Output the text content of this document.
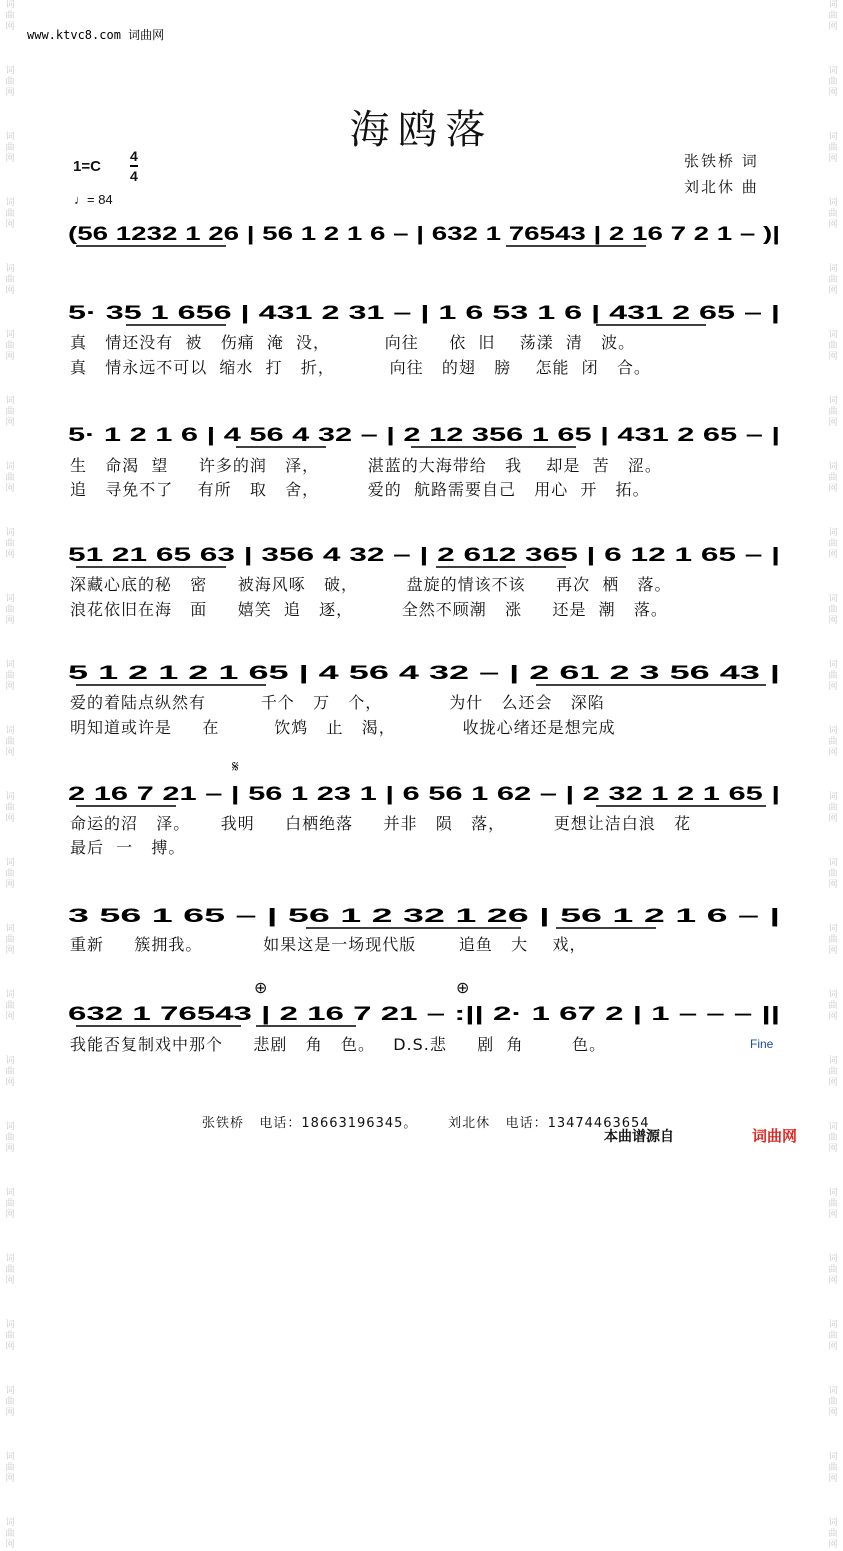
词
曲
网

词
曲
网

词
曲
网

词
曲
网

词
曲
网

词
曲
网

词
曲
网

词
曲
网

词
曲
网

词
曲
网

词
曲
网

词
曲
网

词
曲
网

词
曲
网

词
曲
网

词
曲
网

词
曲
网

词
曲
网

词
曲
网

词
曲
网

词
曲
网

词
曲
网

词
曲
网

词
曲
网

词
曲
网

词
曲
网

词
曲
网

词
曲
网

词
曲
网

词
曲
网

词
曲
网

词
曲
网

词
曲
网

词
曲
网

词
曲
网

词
曲
网

词
曲
网

词
曲
网

词
曲
网

词
曲
网

词
曲
网

词
曲
网

词
曲
网

词
曲
网

词
曲
网

词
曲
网

词
曲
网

词
曲
网

www.ktvc8.com 词曲网
海鸥落
1=C
4
4
♩= 84
张铁桥 词
刘北休 曲
(56 1232 1 26 | 56 1 2 1 6 – | 632 1 76543 | 2 16 7 2 1 – )|
5· 35 1 656 | 431 2 31 – | 1 6 53 1 6 | 431 2 65 – |
真   情还没有  被   伤痛  淹  没，         向往     依  旧    荡漾  清   波。
真   情永远不可以  缩水  打   折，         向往   的翅   膀    怎能  闭   合。
5· 1 2 1 6 | 4 56 4 32 – | 2 12 356 1 65 | 431 2 65 – |
生   命渴  望     许多的润   泽，        湛蓝的大海带给   我    却是  苦   涩。
追   寻免不了    有所   取   舍，        爱的  航路需要自己   用心  开   拓。
51 21 65 63 | 356 4 32 – | 2 612 365 | 6 12 1 65 – |
深藏心底的秘   密     被海风啄   破，        盘旋的情该不该     再次  栖   落。
浪花依旧在海   面     嬉笑  追   逐，        全然不顾潮   涨     还是  潮   落。
5 1 2 1 2 1 65 | 4 56 4 32 – | 2 61 2 3 56 43 |
爱的着陆点纵然有         千个   万   个，           为什   么还会   深陷
明知道或许是     在         饮鸩   止   渴，           收拢心绪还是想完成
𝄋
2 16 7 21 – | 56 1 23 1 | 6 56 1 62 – | 2 32 1 2 1 65 |
命运的沼   泽。     我明     白栖绝落     并非   陨   落，        更想让洁白浪   花
最后  一   搏。
3 56 1 65 – | 56 1 2 32 1 26 | 56 1 2 1 6 – |
重新     簇拥我。          如果这是一场现代版       追鱼   大    戏，
⊕	⊕
632 1 76543 | 2 16 7 21 – :|| 2· 1 67 2 | 1 – – – ||
我能否复制戏中那个     悲剧   角   色。   D.S.悲     剧  角        色。	Fine
张铁桥   电话：18663196345。      刘北休   电话：13474463654
本曲谱源自	词曲网
